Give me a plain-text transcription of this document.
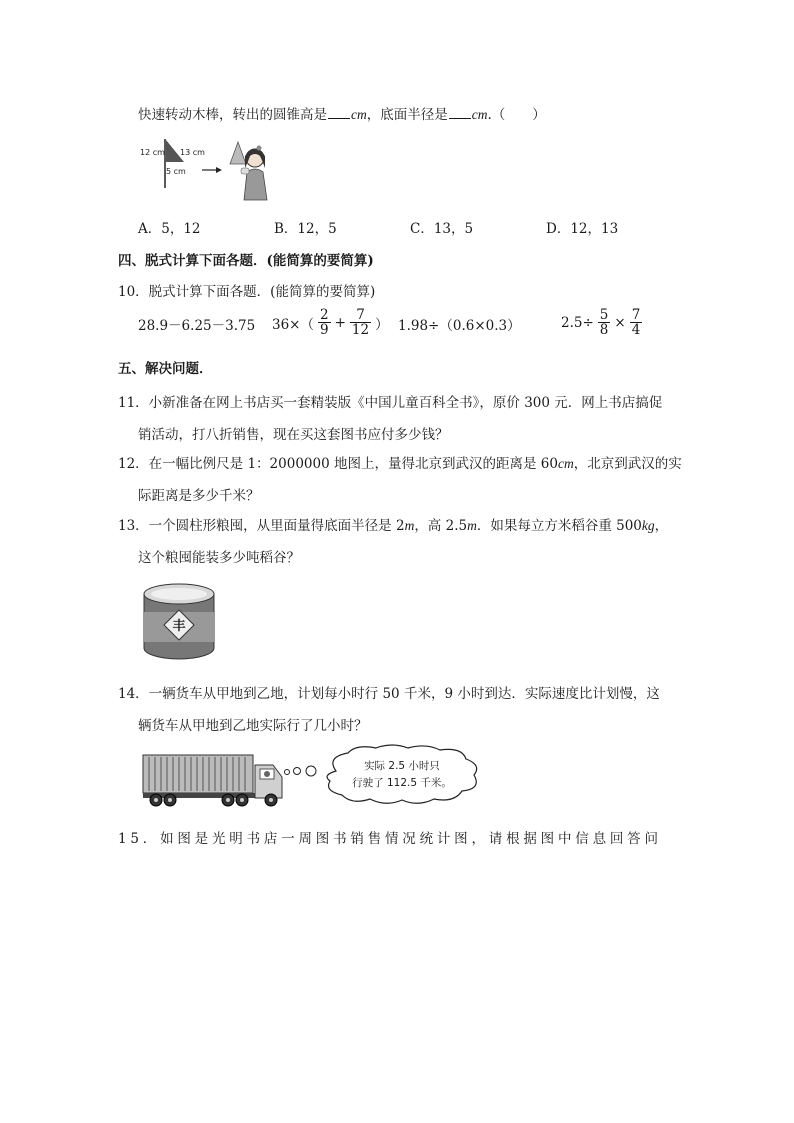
快速转动木棒，转出的圆锥高是 cm，底面半径是 cm.（　　）
12 cm 13 cm
5 cm
A．5，12	B．12，5	C．13，5	D．12，13
四、脱式计算下面各题．(能简算的要简算)
10．脱式计算下面各题．(能简算的要简算)
28.9－6.25－3.75 $36\times( \frac{2}{9} + \frac{7}{12}$ ） 1.98÷（0.6×0.3）	$2.5\div \frac{5}{8} \times \frac{7}{4}$
五、解决问题．
11．小新准备在网上书店买一套精装版《中国儿童百科全书》，原价 300 元．网上书店搞促
销活动，打八折销售，现在买这套图书应付多少钱？
12．在一幅比例尺是 1：2000000 地图上，量得北京到武汉的距离是 60cm，北京到武汉的实
际距离是多少千米？
13．一个圆柱形粮囤，从里面量得底面半径是 2m，高 2.5m．如果每立方米稻谷重 500kg，
这个粮囤能装多少吨稻谷？
丰
14．一辆货车从甲地到乙地，计划每小时行 50 千米，9 小时到达．实际速度比计划慢，这
辆货车从甲地到乙地实际行了几小时？
实际 2.5 小时只
行驶了 112.5 千米。
15．如图是光明书店一周图书销售情况统计图，请根据图中信息回答问
